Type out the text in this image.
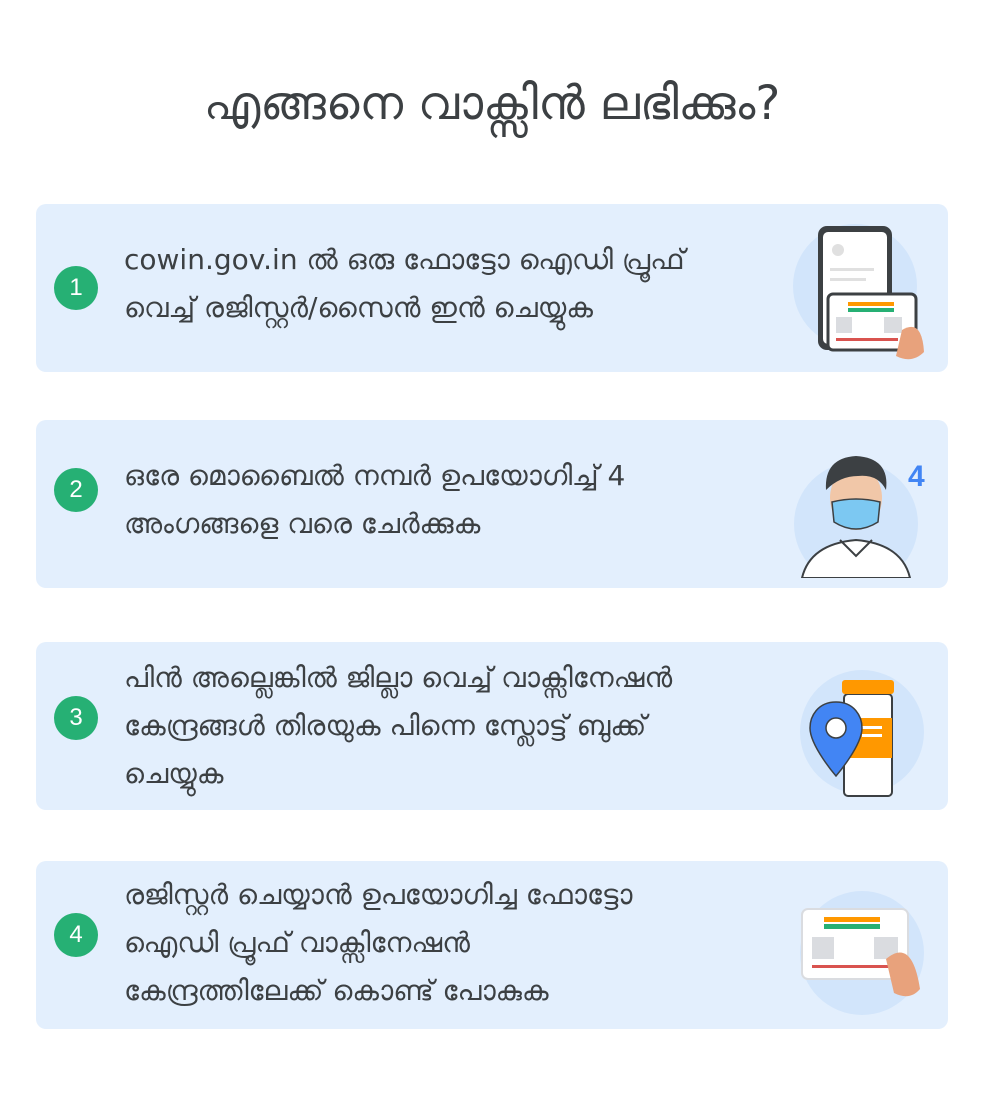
എങ്ങനെ വാക്സിൻ ലഭിക്കും?
1
cowin.gov.in ൽ ഒരു ഫോട്ടോ ഐഡി പ്രൂഫ്
വെച്ച് രജിസ്റ്റർ/സൈൻ ഇൻ ചെയ്യുക
2	ഒരേ മൊബൈൽ നമ്പർ ഉപയോഗിച്ച് 4
അംഗങ്ങളെ വരെ ചേർക്കുക
4
3
പിൻ അല്ലെങ്കിൽ ജില്ലാ വെച്ച് വാക്സിനേഷൻ
കേന്ദ്രങ്ങൾ തിരയുക പിന്നെ സ്ലോട്ട് ബുക്ക്
ചെയ്യുക
4
രജിസ്റ്റർ ചെയ്യാൻ ഉപയോഗിച്ച ഫോട്ടോ
ഐഡി പ്രൂഫ് വാക്സിനേഷൻ
കേന്ദ്രത്തിലേക്ക് കൊണ്ട് പോകുക
